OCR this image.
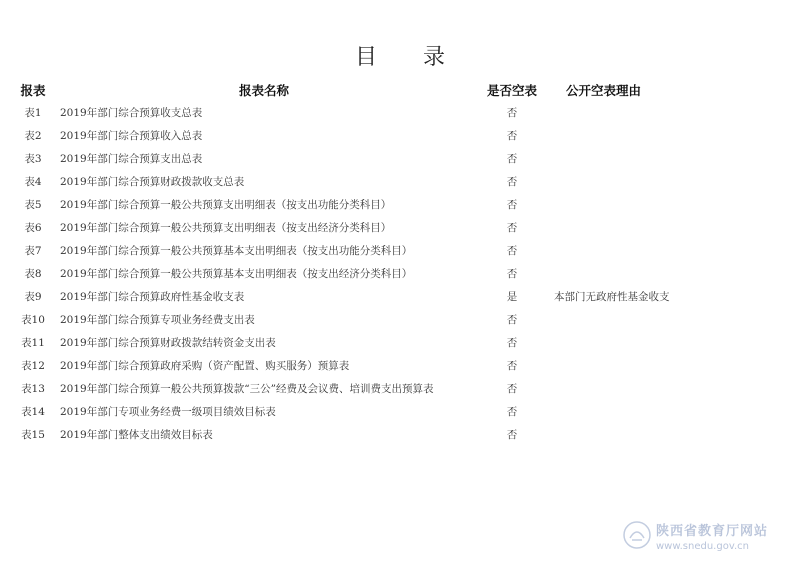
目 录
报表	报表名称	是否空表	公开空表理由
表1	2019年部门综合预算收支总表	否	
表2	2019年部门综合预算收入总表	否	
表3	2019年部门综合预算支出总表	否	
表4	2019年部门综合预算财政拨款收支总表	否	
表5	2019年部门综合预算一般公共预算支出明细表（按支出功能分类科目）	否	
表6	2019年部门综合预算一般公共预算支出明细表（按支出经济分类科目）	否	
表7	2019年部门综合预算一般公共预算基本支出明细表（按支出功能分类科目）	否	
表8	2019年部门综合预算一般公共预算基本支出明细表（按支出经济分类科目）	否	
表9	2019年部门综合预算政府性基金收支表	是	本部门无政府性基金收支
表10	2019年部门综合预算专项业务经费支出表	否	
表11	2019年部门综合预算财政拨款结转资金支出表	否	
表12	2019年部门综合预算政府采购（资产配置、购买服务）预算表	否	
表13	2019年部门综合预算一般公共预算拨款“三公”经费及会议费、培训费支出预算表	否	
表14	2019年部门专项业务经费一级项目绩效目标表	否	
表15	2019年部门整体支出绩效目标表	否	
陕西省教育厅网站
www.snedu.gov.cn
